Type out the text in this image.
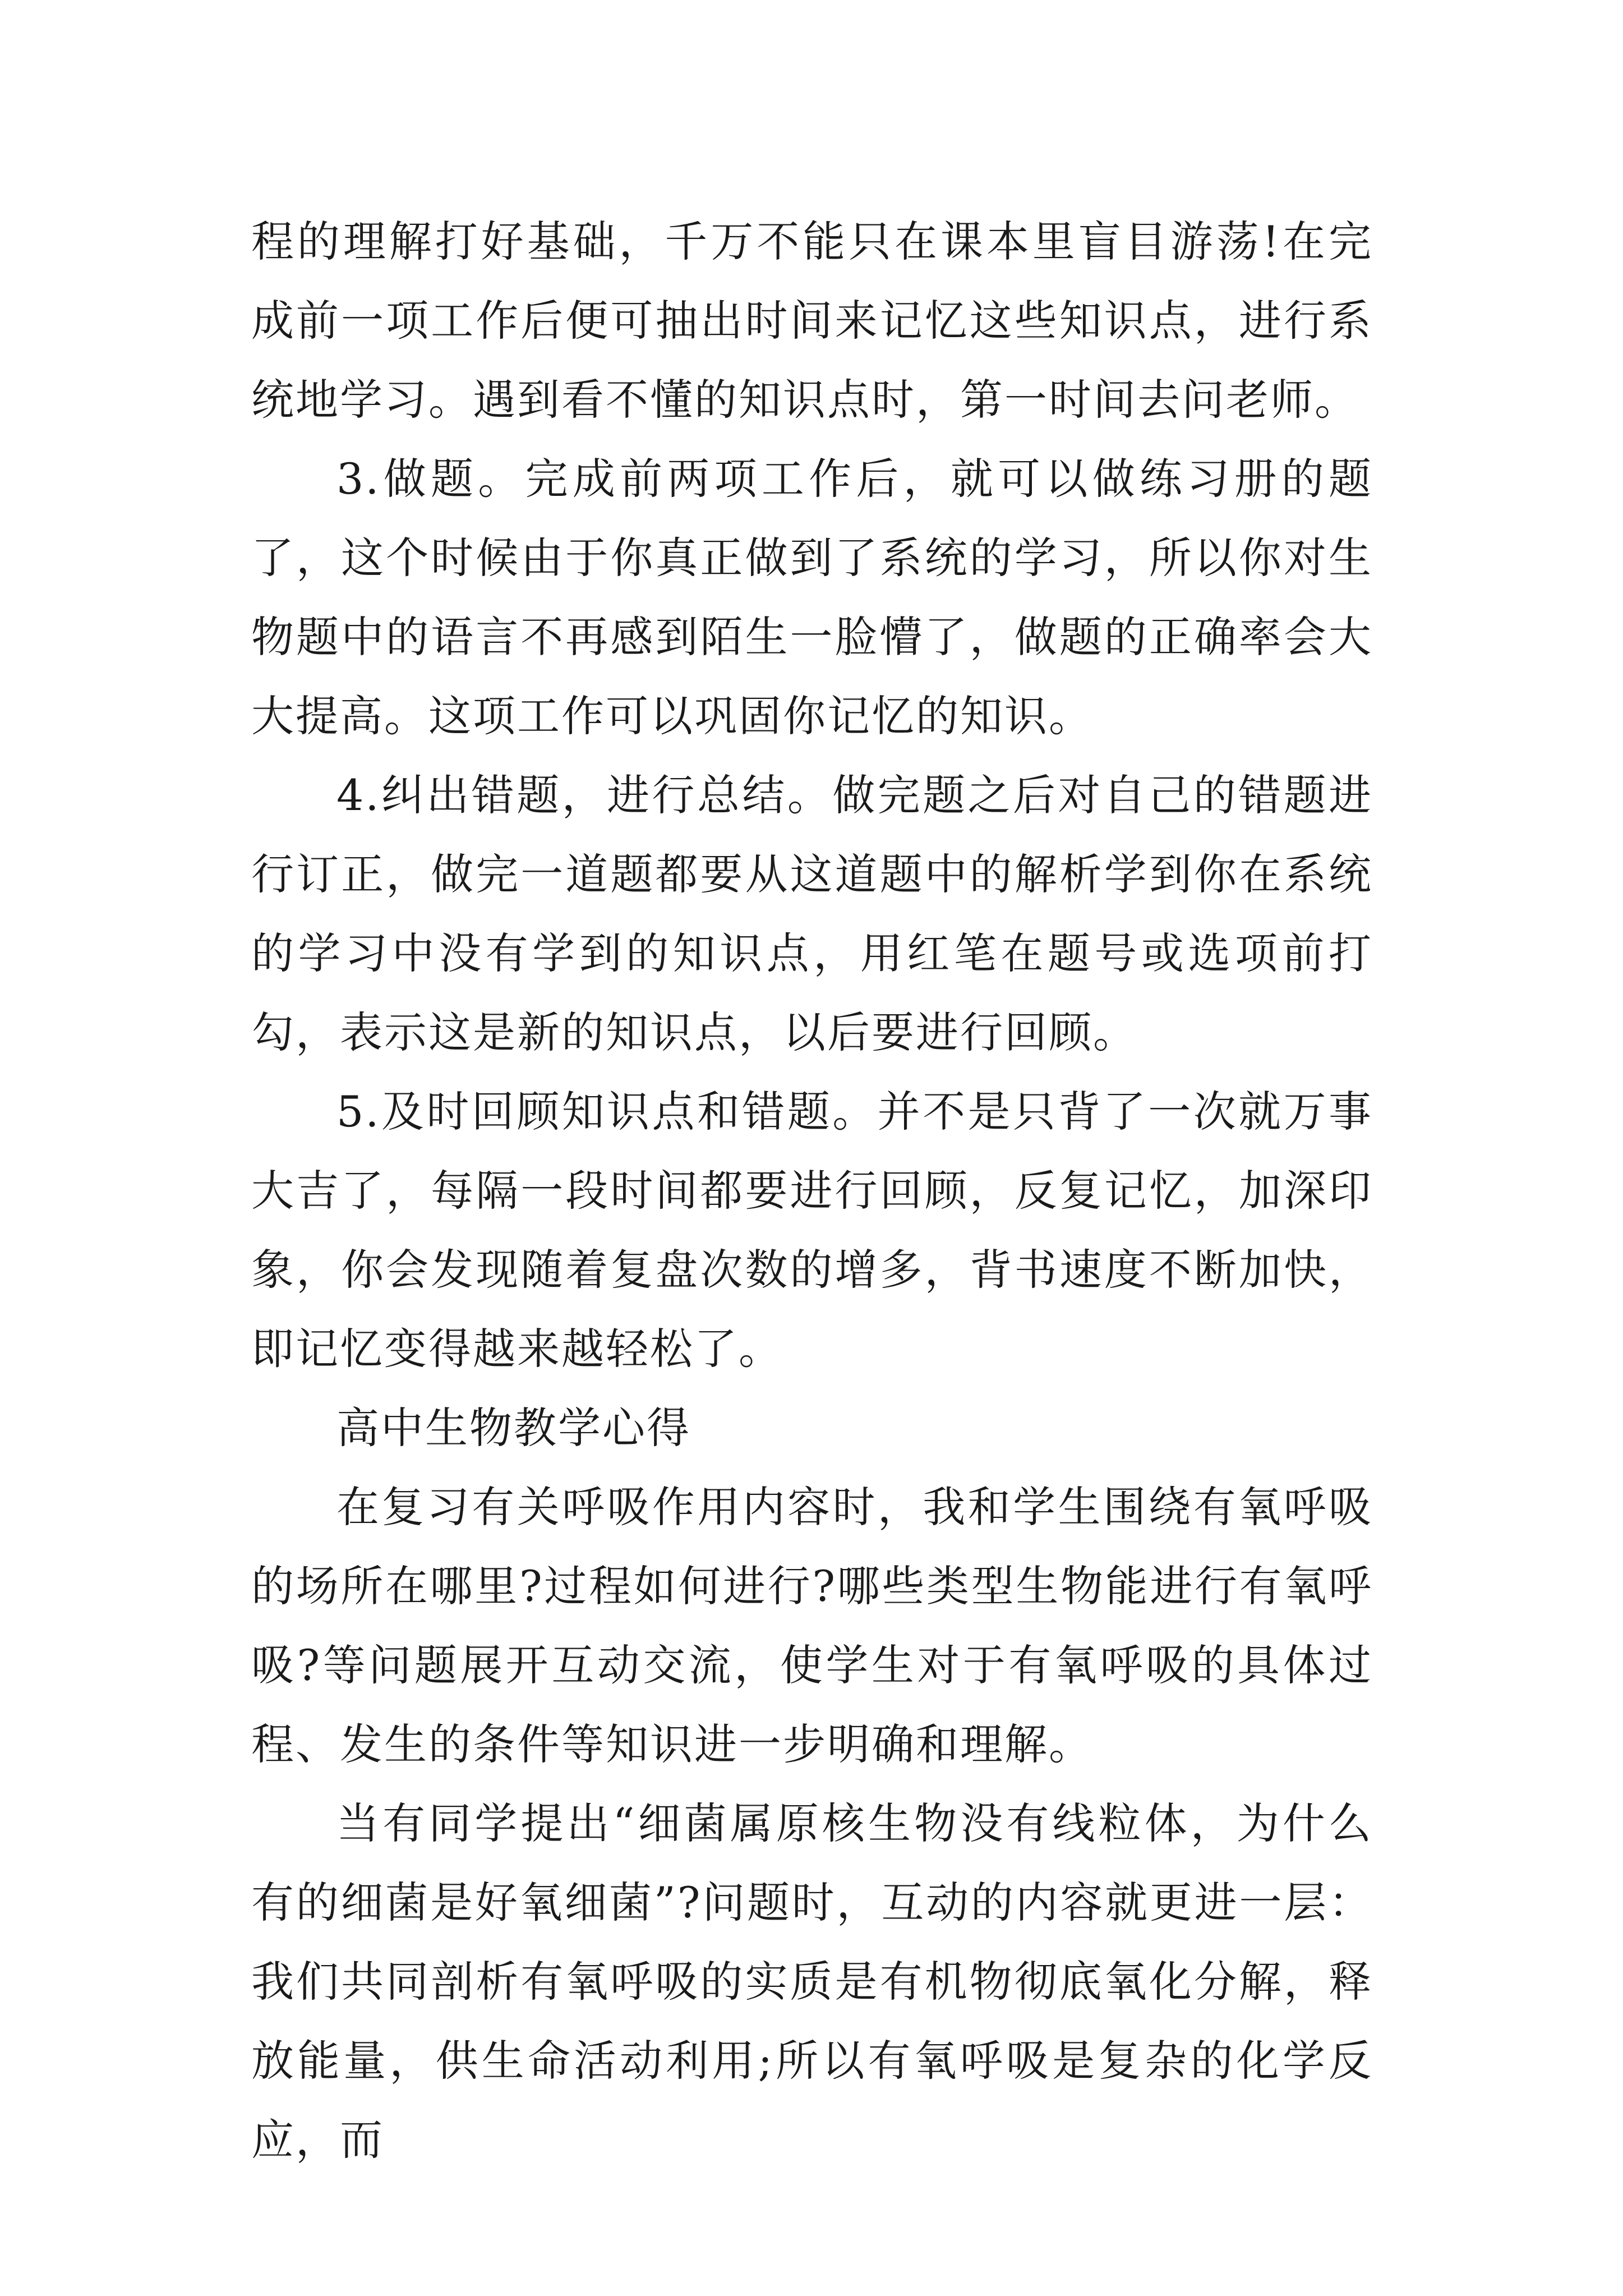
程的理解打好基础，千万不能只在课本里盲目游荡!在完成前一项工作后便可抽出时间来记忆这些知识点，进行系统地学习。遇到看不懂的知识点时，第一时间去问老师。

3.做题。完成前两项工作后，就可以做练习册的题了，这个时候由于你真正做到了系统的学习，所以你对生物题中的语言不再感到陌生一脸懵了，做题的正确率会大大提高。这项工作可以巩固你记忆的知识。

4.纠出错题，进行总结。做完题之后对自己的错题进行订正，做完一道题都要从这道题中的解析学到你在系统的学习中没有学到的知识点，用红笔在题号或选项前打勾，表示这是新的知识点，以后要进行回顾。

5.及时回顾知识点和错题。并不是只背了一次就万事大吉了，每隔一段时间都要进行回顾，反复记忆，加深印象，你会发现随着复盘次数的增多，背书速度不断加快，即记忆变得越来越轻松了。

高中生物教学心得

在复习有关呼吸作用内容时，我和学生围绕有氧呼吸的场所在哪里?过程如何进行?哪些类型生物能进行有氧呼吸?等问题展开互动交流，使学生对于有氧呼吸的具体过程、发生的条件等知识进一步明确和理解。

当有同学提出“细菌属原核生物没有线粒体，为什么有的细菌是好氧细菌”?问题时，互动的内容就更进一层：我们共同剖析有氧呼吸的实质是有机物彻底氧化分解，释放能量，供生命活动利用;所以有氧呼吸是复杂的化学反应，而
